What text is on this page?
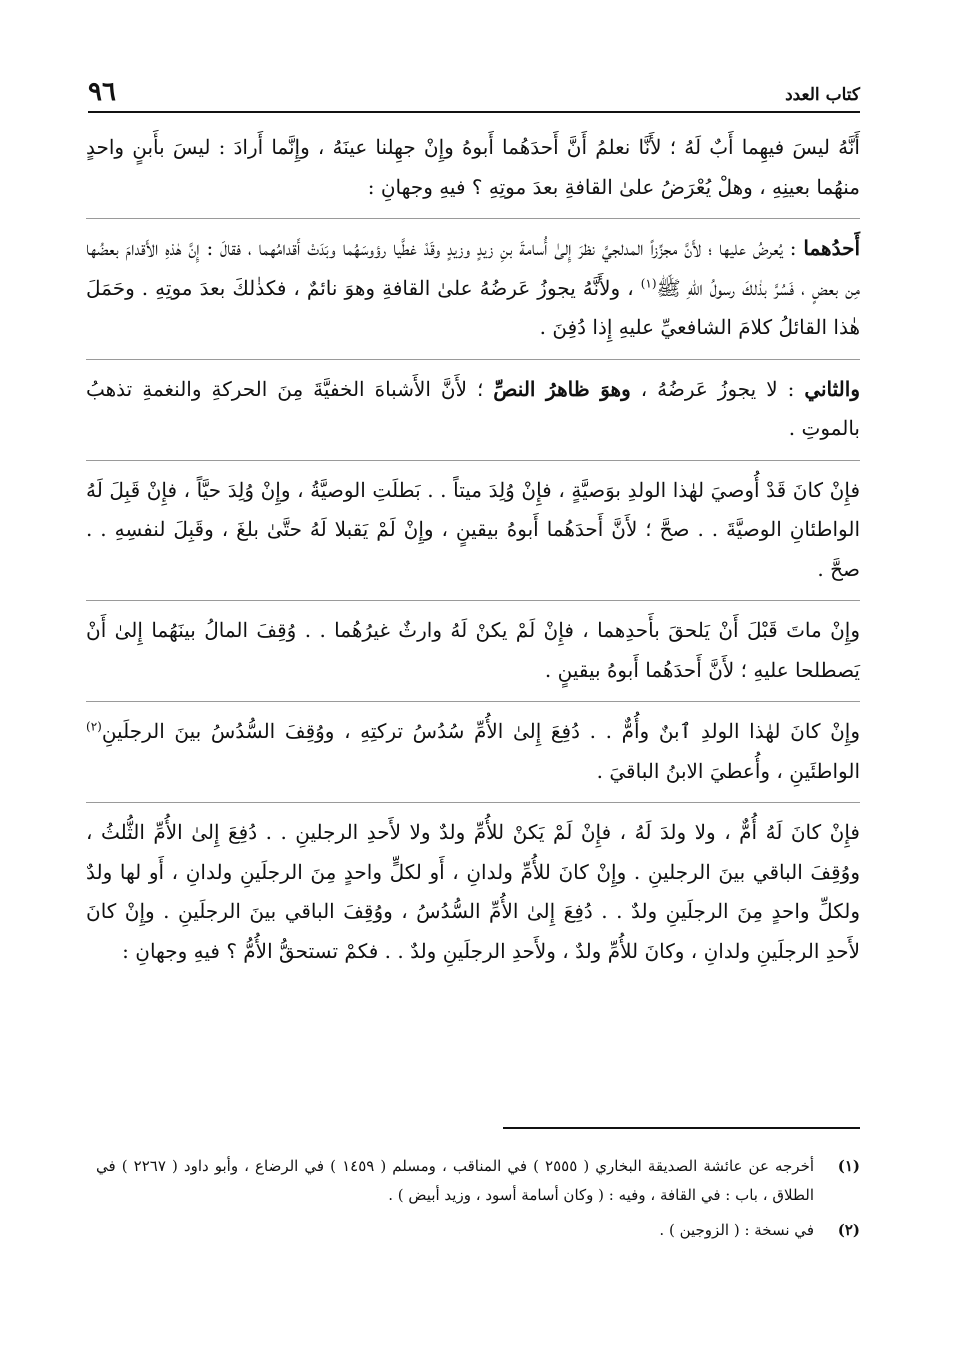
كتاب العدد
٩٦

أَنَّهُ ليسَ فيهِما أَبٌ لَهُ ؛ لأَنَّا نعلمُ أَنَّ أَحدَهُما أَبوهُ وإِنْ جهِلنا عينَهُ ، وإِنَّما أَرادَ : ليسَ بأَبنٍ واحدٍ منهُما بعينِهِ ، وهلْ يُعْرَضُ علىٰ القافةِ بعدَ موتِهِ ؟ فيهِ وجهانِ :

أَحدُهما : يُعرضُ عليها ؛ لأَنَّ مجزِّزاً المدلجيَّ نظرَ إِلىٰ أُسامةَ بنِ زيدٍ وزيدٍ وقَدْ غطَّيا رؤوسَهُما وبَدَتْ أَقدامُهما ، فقالَ : إِنَّ هٰذهِ الأَقدامَ بعضُها مِن بعضٍ ، فَسُرَّ بذٰلكَ رسولُ اللهِ ﷺ$^{(١)}$ ، ولأَنَّهُ يجوزُ عَرضُهُ علىٰ القافةِ وهوَ نائمٌ ، فكذٰلكَ بعدَ موتِهِ . وحَمَلَ هٰذا القائلُ كلامَ الشافعيِّ عليهِ إِذا دُفِنَ .

والثاني : لا يجوزُ عَرضُهُ ، وهوَ ظاهرُ النصِّ ؛ لأَنَّ الأَشباهَ الخفيَّةَ مِنَ الحركةِ والنغمةِ تذهبُ بالموتِ .

فإِنْ كانَ قَدْ أُوصيَ لهٰذا الولدِ بوَصيَّةٍ ، فإِنْ وُلِدَ ميتاً . . بَطلَتِ الوصيَّةُ ، وإِنْ وُلِدَ حيَّاً ، فإِنْ قَبِلَ لَهُ الواطئانِ الوصيَّةَ . . صحَّ ؛ لأَنَّ أَحدَهُما أَبوهُ بيقينٍ ، وإِنْ لَمْ يَقبلا لَهُ حتَّىٰ بلغَ ، وقَبِلَ لنفسِهِ . . صحَّ .

وإِنْ ماتَ قَبْلَ أَنْ يَلحقَ بأَحدِهما ، فإِنْ لَمْ يكنْ لَهُ وارثٌ غيرُهُما . . وُقِفَ المالُ بينَهُما إِلىٰ أَنْ يَصطلحا عليهِ ؛ لأَنَّ أَحدَهُما أَبوهُ بيقينٍ .

وإِنْ كانَ لهٰذا الولدِ ٱبنٌ وأُمٌّ . . دُفِعَ إِلىٰ الأُمِّ سُدُسُ تركتِهِ ، ووُقِفَ السُّدُسُ بينَ الرجلَينِ$^{(٢)}$ الواطئَينِ ، وأُعطيَ الابنُ الباقيَ .

فإِنْ كانَ لَهُ أُمٌّ ، ولا ولدَ لَهُ ، فإِنْ لَمْ يَكنْ للأُمِّ ولدٌ ولا لأَحدِ الرجلينِ . . دُفِعَ إِلىٰ الأُمِّ الثُّلثُ ، ووُقِفَ الباقي بينَ الرجلينِ . وإِنْ كانَ للأُمِّ ولدانِ ، أَو لكلٍّ واحدٍ مِنَ الرجلَينِ ولدانِ ، أَو لها ولدٌ ولكلِّ واحدٍ مِنَ الرجلَينِ ولدٌ . . دُفِعَ إِلىٰ الأُمِّ السُّدُسُ ، ووُقِفَ الباقي بينَ الرجلَينِ . وإِنْ كانَ لأَحدِ الرجلَينِ ولدانِ ، وكانَ للأُمِّ ولدٌ ، ولأَحدِ الرجلَينِ ولدٌ . . فكمْ تستحقُّ الأُمُّ ؟ فيهِ وجهانِ :

(١)
أخرجه عن عائشة الصديقة البخاري ( ٢٥٥٥ ) في المناقب ، ومسلم ( ١٤٥٩ ) في الرضاع ، وأبو داود ( ٢٢٦٧ ) في الطلاق ، باب : في القافة ، وفيه : ( وكان أسامة أسود ، وزيد أبيض ) .
(٢)
في نسخة : ( الزوجين ) .
